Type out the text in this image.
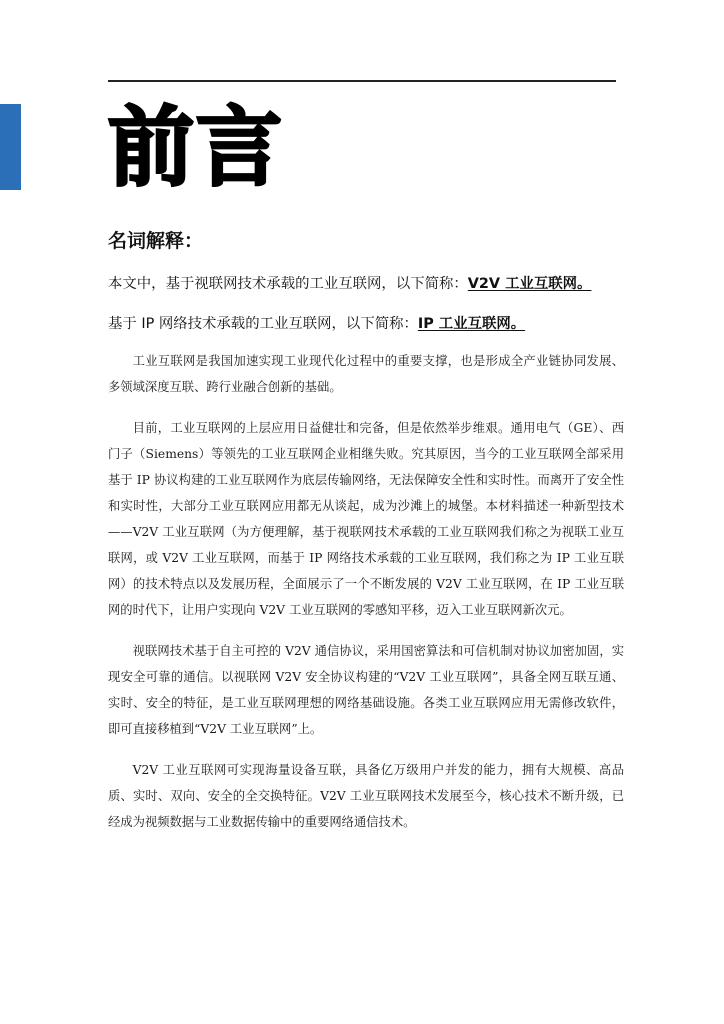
前言
名词解释：

本文中，基于视联网技术承载的工业互联网，以下简称：V2V 工业互联网。

基于 IP 网络技术承载的工业互联网，以下简称：IP 工业互联网。

工业互联网是我国加速实现工业现代化过程中的重要支撑，也是形成全产业链协同发展、多领域深度互联、跨行业融合创新的基础。

目前，工业互联网的上层应用日益健壮和完备，但是依然举步维艰。通用电气（GE）、西门子（Siemens）等领先的工业互联网企业相继失败。究其原因，当今的工业互联网全部采用基于 IP 协议构建的工业互联网作为底层传输网络，无法保障安全性和实时性。而离开了安全性和实时性，大部分工业互联网应用都无从谈起，成为沙滩上的城堡。本材料描述一种新型技术——V2V 工业互联网（为方便理解，基于视联网技术承载的工业互联网我们称之为视联工业互联网，或 V2V 工业互联网，而基于 IP 网络技术承载的工业互联网，我们称之为 IP 工业互联网）的技术特点以及发展历程，全面展示了一个不断发展的 V2V 工业互联网，在 IP 工业互联网的时代下，让用户实现向 V2V 工业互联网的零感知平移，迈入工业互联网新次元。

视联网技术基于自主可控的 V2V 通信协议，采用国密算法和可信机制对协议加密加固，实现安全可靠的通信。以视联网 V2V 安全协议构建的“V2V 工业互联网”，具备全网互联互通、实时、安全的特征，是工业互联网理想的网络基础设施。各类工业互联网应用无需修改软件，即可直接移植到“V2V 工业互联网”上。

V2V 工业互联网可实现海量设备互联，具备亿万级用户并发的能力，拥有大规模、高品质、实时、双向、安全的全交换特征。V2V 工业互联网技术发展至今，核心技术不断升级，已经成为视频数据与工业数据传输中的重要网络通信技术。
